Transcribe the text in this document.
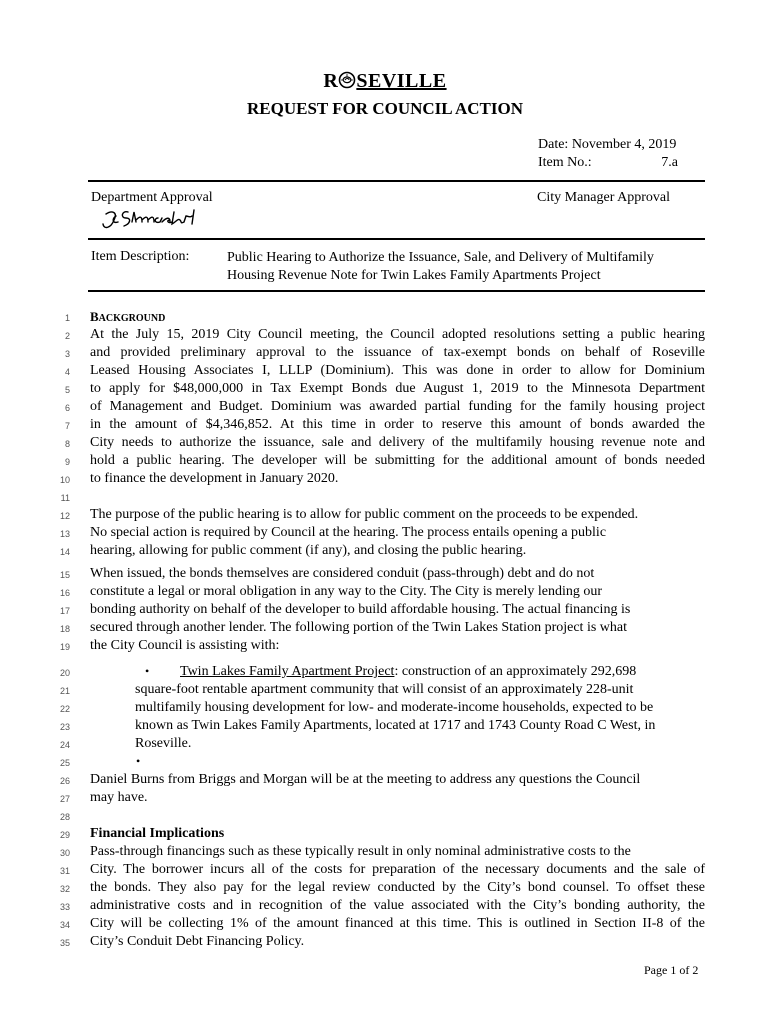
R SEVILLE
REQUEST FOR COUNCIL ACTION
Date: November 4, 2019
Item No.:	7.a
Department Approval	City Manager Approval
Item Description:	Public Hearing to Authorize the Issuance, Sale, and Delivery of Multifamily
Housing Revenue Note for Twin Lakes Family Apartments Project
1
2
3
4
5
6
7
8
9
10
11
12
13
14
15
16
17
18
19
20
21
22
23
24
25
26
27
28
29
30
31
32
33
34
35
BACKGROUND
At the July 15, 2019 City Council meeting, the Council adopted resolutions setting a public hearing
and provided preliminary approval to the issuance of tax-exempt bonds on behalf of Roseville
Leased Housing Associates I, LLLP (Dominium). This was done in order to allow for Dominium
to apply for $48,000,000 in Tax Exempt Bonds due August 1, 2019 to the Minnesota Department
of Management and Budget. Dominium was awarded partial funding for the family housing project
in the amount of $4,346,852. At this time in order to reserve this amount of bonds awarded the
City needs to authorize the issuance, sale and delivery of the multifamily housing revenue note and
hold a public hearing. The developer will be submitting for the additional amount of bonds needed
to finance the development in January 2020.
The purpose of the public hearing is to allow for public comment on the proceeds to be expended.
No special action is required by Council at the hearing. The process entails opening a public
hearing, allowing for public comment (if any), and closing the public hearing.
When issued, the bonds themselves are considered conduit (pass-through) debt and do not
constitute a legal or moral obligation in any way to the City. The City is merely lending our
bonding authority on behalf of the developer to build affordable housing. The actual financing is
secured through another lender. The following portion of the Twin Lakes Station project is what
the City Council is assisting with:
• Twin Lakes Family Apartment Project: construction of an approximately 292,698
square-foot rentable apartment community that will consist of an approximately 228-unit
multifamily housing development for low- and moderate-income households, expected to be
known as Twin Lakes Family Apartments, located at 1717 and 1743 County Road C West, in
Roseville.
•
Daniel Burns from Briggs and Morgan will be at the meeting to address any questions the Council
may have.
Financial Implications
Pass-through financings such as these typically result in only nominal administrative costs to the
City. The borrower incurs all of the costs for preparation of the necessary documents and the sale of
the bonds. They also pay for the legal review conducted by the City’s bond counsel. To offset these
administrative costs and in recognition of the value associated with the City’s bonding authority, the
City will be collecting 1% of the amount financed at this time. This is outlined in Section II-8 of the
City’s Conduit Debt Financing Policy.
Page 1 of 2
